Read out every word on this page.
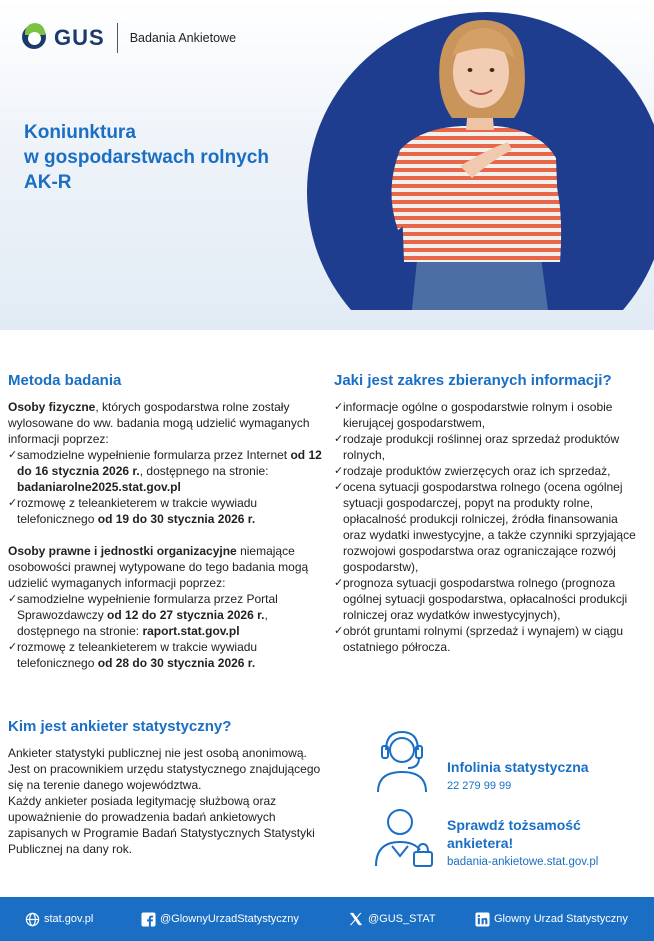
GUS Badania Ankietowe
Koniunktura
w gospodarstwach rolnych
AK-R
Metoda badania
Osoby fizyczne, których gospodarstwa rolne zostały wylosowane do ww. badania mogą udzielić wymaganych informacji poprzez:
✓ samodzielne wypełnienie formularza przez Internet od 12 do 16 stycznia 2026 r., dostępnego na stronie: badaniarolne2025.stat.gov.pl
✓ rozmowę z teleankieterem w trakcie wywiadu telefonicznego od 19 do 30 stycznia 2026 r.
Osoby prawne i jednostki organizacyjne niemające osobowości prawnej wytypowane do tego badania mogą udzielić wymaganych informacji poprzez:
✓ samodzielne wypełnienie formularza przez Portal Sprawozdawczy od 12 do 27 stycznia 2026 r., dostępnego na stronie: raport.stat.gov.pl
✓ rozmowę z teleankieterem w trakcie wywiadu telefonicznego od 28 do 30 stycznia 2026 r.
Jaki jest zakres zbieranych informacji?
✓ informacje ogólne o gospodarstwie rolnym i osobie kierującej gospodarstwem,
✓ rodzaje produkcji roślinnej oraz sprzedaż produktów rolnych,
✓ rodzaje produktów zwierzęcych oraz ich sprzedaż,
✓ ocena sytuacji gospodarstwa rolnego (ocena ogólnej sytuacji gospodarczej, popyt na produkty rolne, opłacalność produkcji rolniczej, źródła finansowania oraz wydatki inwestycyjne, a także czynniki sprzyjające rozwojowi gospodarstwa oraz ograniczające rozwój gospodarstw),
✓ prognoza sytuacji gospodarstwa rolnego (prognoza ogólnej sytuacji gospodarstwa, opłacalności produkcji rolniczej oraz wydatków inwestycyjnych),
✓ obrót gruntami rolnymi (sprzedaż i wynajem) w ciągu ostatniego półrocza.
Kim jest ankieter statystyczny?
Ankieter statystyki publicznej nie jest osobą anonimową. Jest on pracownikiem urzędu statystycznego znajdującego się na terenie danego województwa.
Każdy ankieter posiada legitymację służbową oraz upoważnienie do prowadzenia badań ankietowych zapisanych w Programie Badań Statystycznych Statystyki Publicznej na dany rok.
Infolinia statystyczna
22 279 99 99
Sprawdź tożsamość
ankietera!
badania-ankietowe.stat.gov.pl
stat.gov.pl	@GlownyUrzadStatystyczny	@GUS_STAT	Glowny Urzad Statystyczny
